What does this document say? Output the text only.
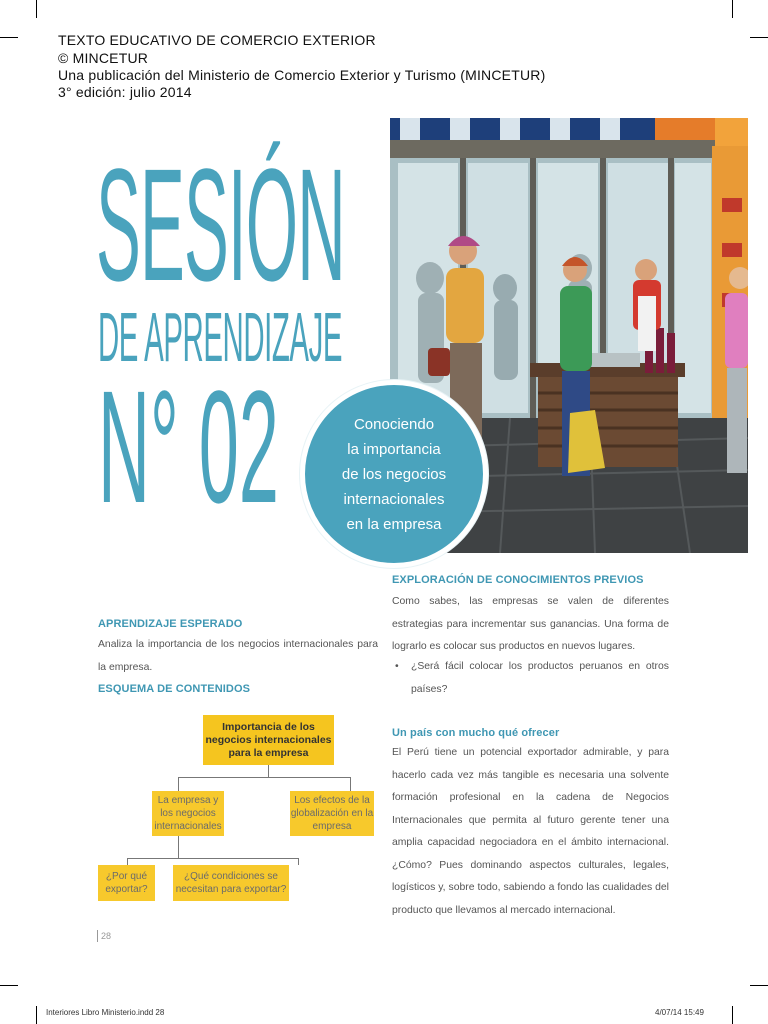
TEXTO EDUCATIVO DE COMERCIO EXTERIOR
© MINCETUR
Una publicación del Ministerio de Comercio Exterior y Turismo (MINCETUR)
3° edición: julio 2014
SESIÓN
DE APRENDIZAJE
N° 02	Conociendo
la importancia
de los negocios
internacionales
en la empresa
APRENDIZAJE ESPERADO
Analiza la importancia de los negocios internacionales para la empresa.
ESQUEMA DE CONTENIDOS
Importancia de los negocios internacionales para la empresa
La empresa y los negocios internacionales
Los efectos de la globalización en la empresa
¿Por qué exportar?
¿Qué condiciones se necesitan para exportar?
EXPLORACIÓN DE CONOCIMIENTOS PREVIOS
Como sabes, las empresas se valen de diferentes estrategias para incrementar sus ganancias. Una forma de lograrlo es colocar sus productos en nuevos lugares.
•	¿Será fácil colocar los productos peruanos en otros países?
Un país con mucho qué ofrecer
El Perú tiene un potencial exportador admirable, y para hacerlo cada vez más tangible es necesaria una solvente formación profesional en la cadena de Negocios Internacionales que permita al futuro gerente tener una amplia capacidad negociadora en el ámbito internacional. ¿Cómo? Pues dominando aspectos culturales, legales, logísticos y, sobre todo, sabiendo a fondo las cualidades del producto que llevamos al mercado internacional.
28
Interiores Libro Ministerio.indd 28	4/07/14 15:49
